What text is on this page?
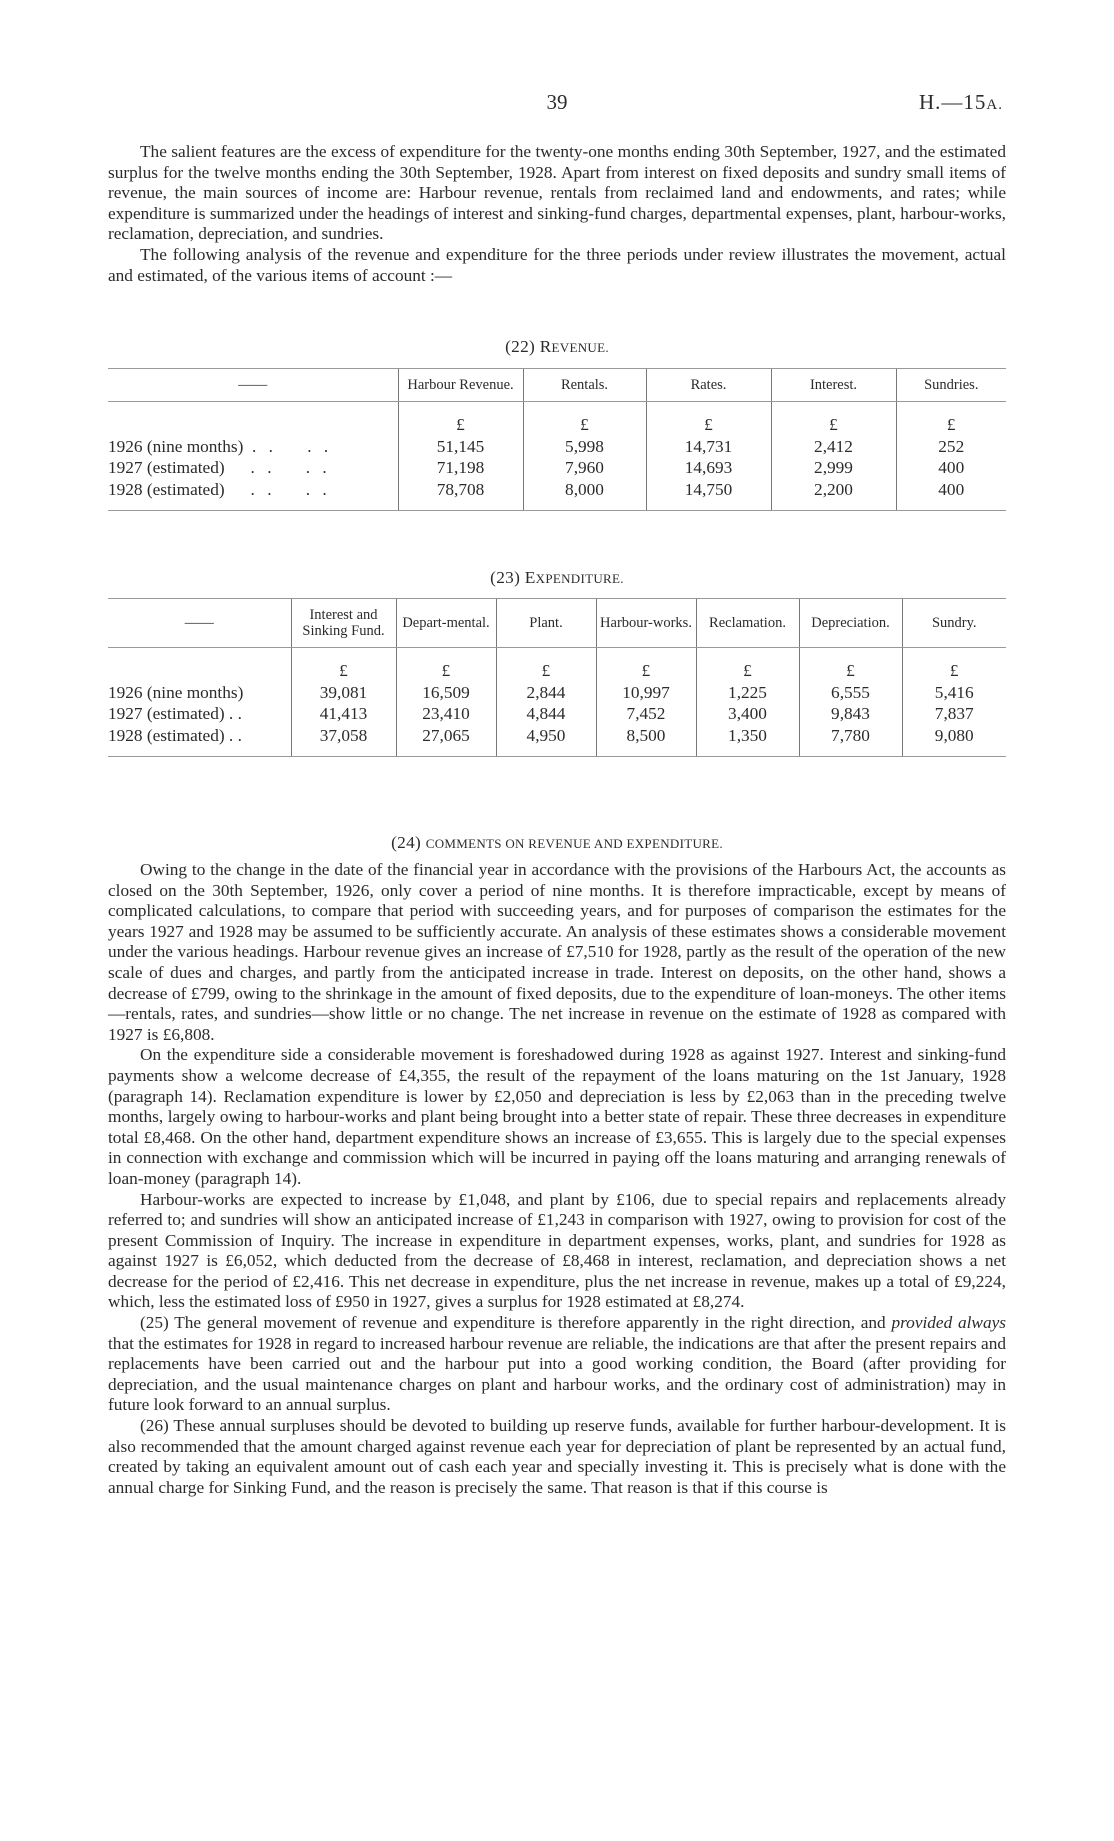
39	H.—15A.

The salient features are the excess of expenditure for the twenty-one months ending 30th September, 1927, and the estimated surplus for the twelve months ending the 30th September, 1928. Apart from interest on fixed deposits and sundry small items of revenue, the main sources of income are: Harbour revenue, rentals from reclaimed land and endowments, and rates; while expenditure is summarized under the headings of interest and sinking-fund charges, departmental expenses, plant, harbour-works, reclamation, depreciation, and sundries.

The following analysis of the revenue and expenditure for the three periods under review illustrates the movement, actual and estimated, of the various items of account :—

(22) REVENUE.
——	Harbour Revenue.	Rentals.	Rates.	Interest.	Sundries.
	£	£	£	£	£
1926 (nine months) . . . .	51,145	5,998	14,731	2,412	252
1927 (estimated) . . . .	71,198	7,960	14,693	2,999	400
1928 (estimated) . . . .	78,708	8,000	14,750	2,200	400
(23) EXPENDITURE.
——	Interest and Sinking Fund.	Depart-mental.	Plant.	Harbour-works.	Reclamation.	Depreciation.	Sundry.
	£	£	£	£	£	£	£
1926 (nine months)	39,081	16,509	2,844	10,997	1,225	6,555	5,416
1927 (estimated) . .	41,413	23,410	4,844	7,452	3,400	9,843	7,837
1928 (estimated) . .	37,058	27,065	4,950	8,500	1,350	7,780	9,080
(24) COMMENTS ON REVENUE AND EXPENDITURE.

Owing to the change in the date of the financial year in accordance with the provisions of the Harbours Act, the accounts as closed on the 30th September, 1926, only cover a period of nine months. It is therefore impracticable, except by means of complicated calculations, to compare that period with succeeding years, and for purposes of comparison the estimates for the years 1927 and 1928 may be assumed to be sufficiently accurate. An analysis of these estimates shows a considerable movement under the various headings. Harbour revenue gives an increase of £7,510 for 1928, partly as the result of the operation of the new scale of dues and charges, and partly from the anticipated increase in trade. Interest on deposits, on the other hand, shows a decrease of £799, owing to the shrinkage in the amount of fixed deposits, due to the expenditure of loan-moneys. The other items—rentals, rates, and sundries—show little or no change. The net increase in revenue on the estimate of 1928 as compared with 1927 is £6,808.

On the expenditure side a considerable movement is foreshadowed during 1928 as against 1927. Interest and sinking-fund payments show a welcome decrease of £4,355, the result of the repayment of the loans maturing on the 1st January, 1928 (paragraph 14). Reclamation expenditure is lower by £2,050 and depreciation is less by £2,063 than in the preceding twelve months, largely owing to harbour-works and plant being brought into a better state of repair. These three decreases in expenditure total £8,468. On the other hand, department expenditure shows an increase of £3,655. This is largely due to the special expenses in connection with exchange and commission which will be incurred in paying off the loans maturing and arranging renewals of loan-money (paragraph 14).

Harbour-works are expected to increase by £1,048, and plant by £106, due to special repairs and replacements already referred to; and sundries will show an anticipated increase of £1,243 in comparison with 1927, owing to provision for cost of the present Commission of Inquiry. The increase in expenditure in department expenses, works, plant, and sundries for 1928 as against 1927 is £6,052, which deducted from the decrease of £8,468 in interest, reclamation, and depreciation shows a net decrease for the period of £2,416. This net decrease in expenditure, plus the net increase in revenue, makes up a total of £9,224, which, less the estimated loss of £950 in 1927, gives a surplus for 1928 estimated at £8,274.

(25) The general movement of revenue and expenditure is therefore apparently in the right direction, and provided always that the estimates for 1928 in regard to increased harbour revenue are reliable, the indications are that after the present repairs and replacements have been carried out and the harbour put into a good working condition, the Board (after providing for depreciation, and the usual maintenance charges on plant and harbour works, and the ordinary cost of administration) may in future look forward to an annual surplus.

(26) These annual surpluses should be devoted to building up reserve funds, available for further harbour-development. It is also recommended that the amount charged against revenue each year for depreciation of plant be represented by an actual fund, created by taking an equivalent amount out of cash each year and specially investing it. This is precisely what is done with the annual charge for Sinking Fund, and the reason is precisely the same. That reason is that if this course is
